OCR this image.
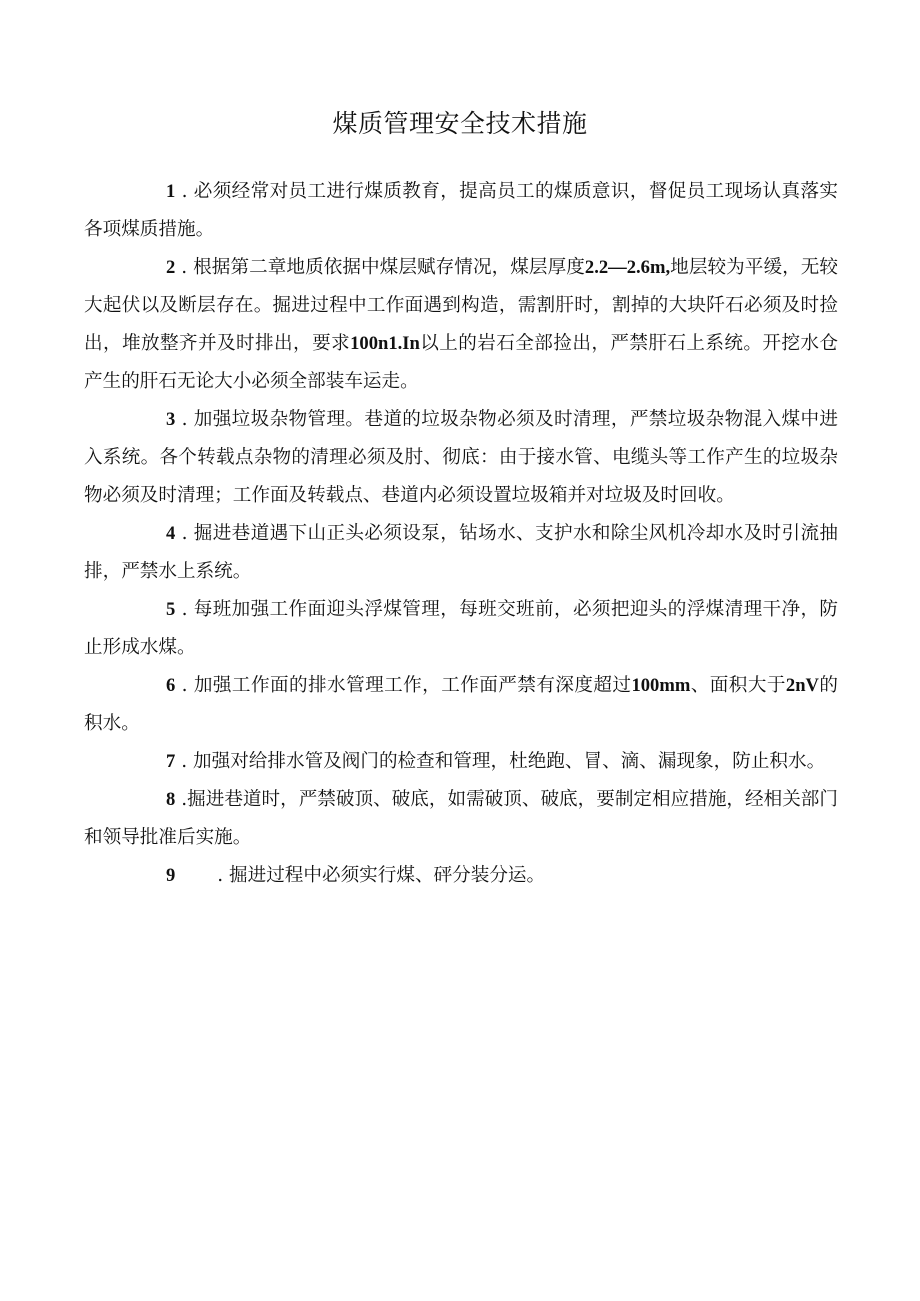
煤质管理安全技术措施

1 . 必须经常对员工进行煤质教育，提高员工的煤质意识，督促员工现场认真落实各项煤质措施。

2 . 根据第二章地质依据中煤层赋存情况，煤层厚度2.2—2.6m,地层较为平缓，无较大起伏以及断层存在。掘进过程中工作面遇到构造，需割肝时，割掉的大块阡石必须及时捡出，堆放整齐并及时排出，要求100n1.In以上的岩石全部捡出，严禁肝石上系统。开挖水仓产生的肝石无论大小必须全部装车运走。

3 . 加强垃圾杂物管理。巷道的垃圾杂物必须及时清理，严禁垃圾杂物混入煤中进入系统。各个转载点杂物的清理必须及肘、彻底：由于接水管、电缆头等工作产生的垃圾杂物必须及时清理；工作面及转载点、巷道内必须设置垃圾箱并对垃圾及时回收。

4 . 掘进巷道遇下山正头必须设泵，钻场水、支护水和除尘风机冷却水及时引流抽排，严禁水上系统。

5 . 每班加强工作面迎头浮煤管理，每班交班前，必须把迎头的浮煤清理干净，防止形成水煤。

6 . 加强工作面的排水管理工作，工作面严禁有深度超过100mm、面积大于2nV的积水。

7 . 加强对给排水管及阀门的检查和管理，杜绝跑、冒、滴、漏现象，防止积水。

8 .掘进巷道时，严禁破顶、破底，如需破顶、破底，要制定相应措施，经相关部门和领导批准后实施。

9 . 掘进过程中必须实行煤、砰分装分运。
